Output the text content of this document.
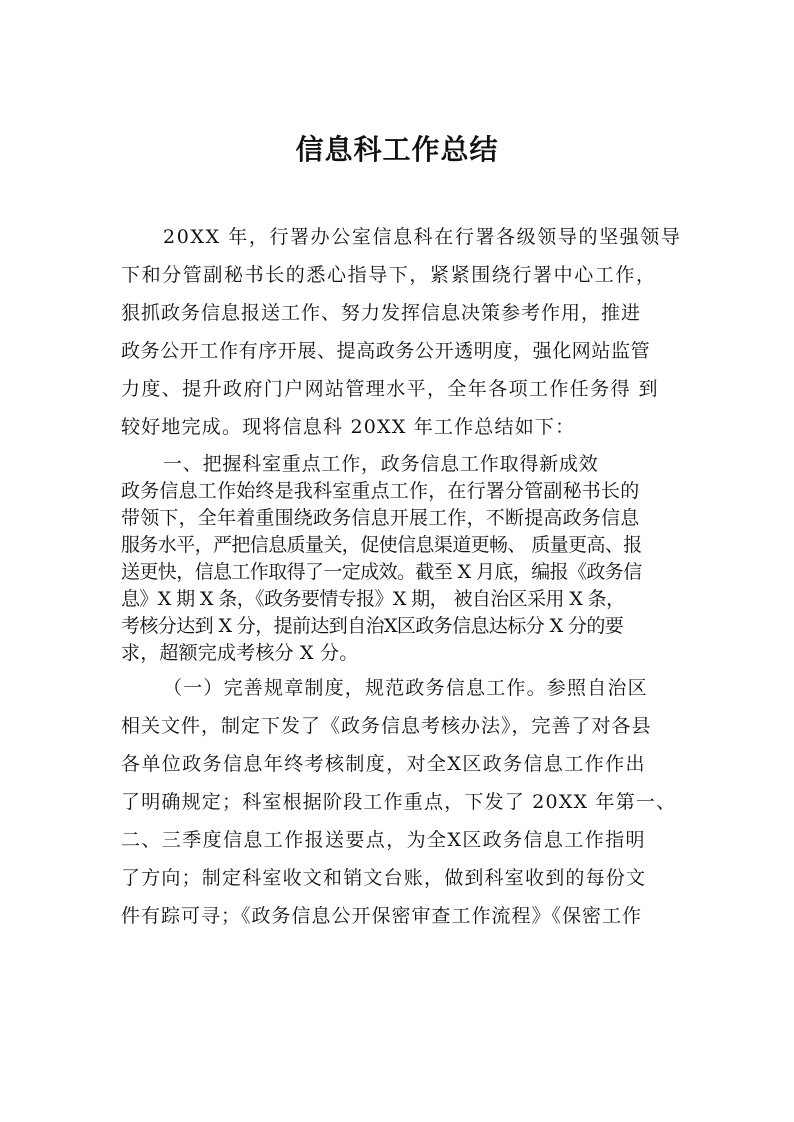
信息科工作总结
20XX 年，行署办公室信息科在行署各级领导的坚强领导
下和分管副秘书长的悉心指导下，紧紧围绕行署中心工作，
狠抓政务信息报送工作、努力发挥信息决策参考作用，推进
政务公开工作有序开展、提高政务公开透明度，强化网站监管
力度、提升政府门户网站管理水平，全年各项工作任务得 到
较好地完成。现将信息科 20XX 年工作总结如下：
一、把握科室重点工作，政务信息工作取得新成效
政务信息工作始终是我科室重点工作，在行署分管副秘书长的
带领下，全年着重围绕政务信息开展工作，不断提高政务信息
服务水平，严把信息质量关，促使信息渠道更畅、 质量更高、报
送更快，信息工作取得了一定成效。截至 X 月底，编报《政务信
息》X 期 X 条，《政务要情专报》X 期， 被自治区采用 X 条，
考核分达到 X 分，提前达到自治X区政务信息达标分 X 分的要
求，超额完成考核分 X 分。
（一）完善规章制度，规范政务信息工作。参照自治区
相关文件，制定下发了《政务信息考核办法》，完善了对各县
各单位政务信息年终考核制度，对全X区政务信息工作作出
了明确规定；科室根据阶段工作重点，下发了 20XX 年第一、
二、三季度信息工作报送要点，为全X区政务信息工作指明
了方向；制定科室收文和销文台账，做到科室收到的每份文
件有踪可寻；《政务信息公开保密审查工作流程》《保密工作
